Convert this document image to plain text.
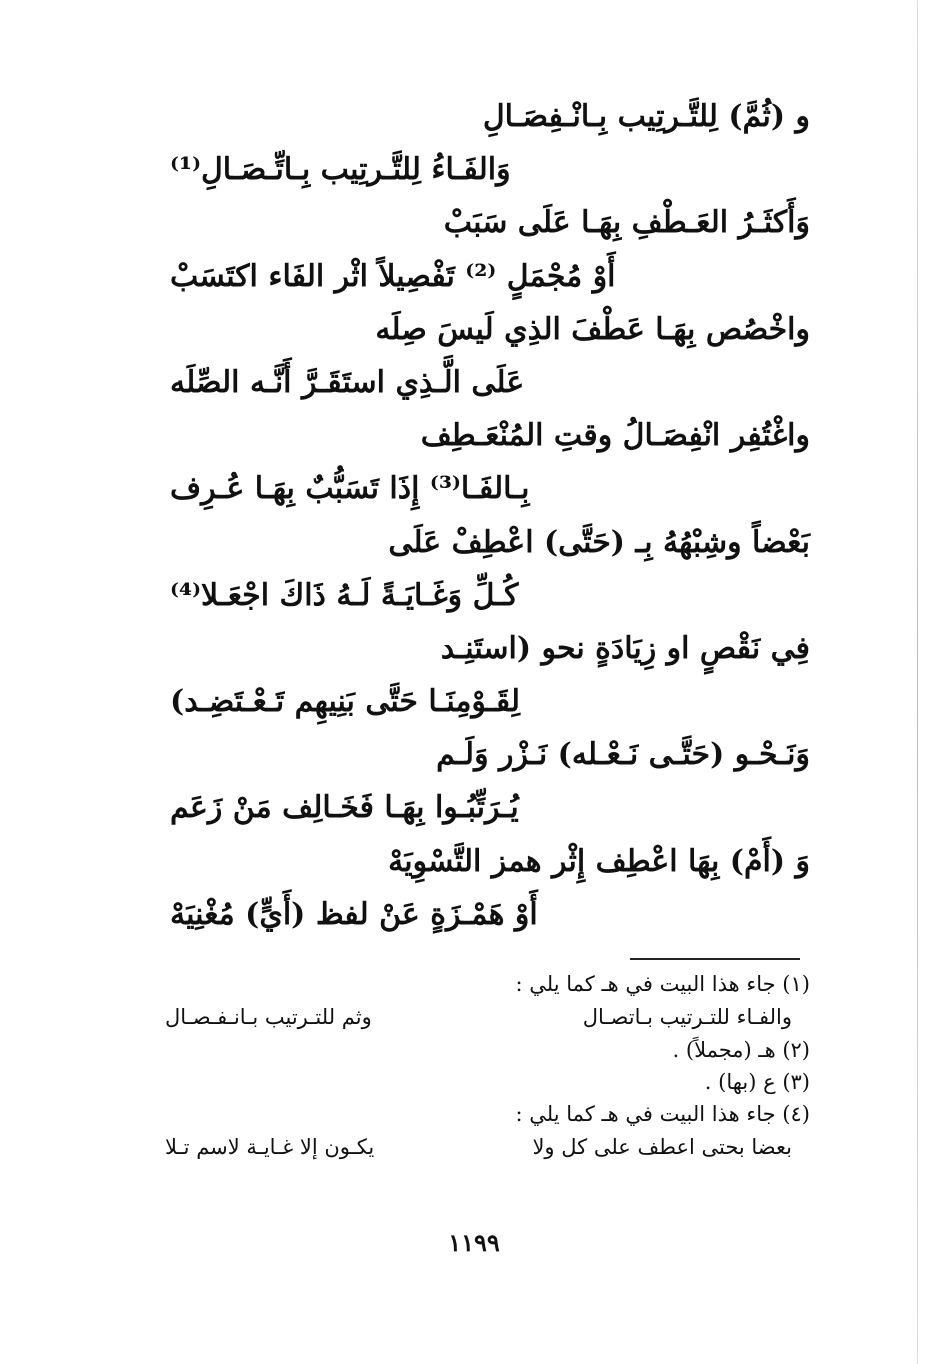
و (ثُمَّ) لِلتَّـرتِيب بِـانْـفِصَـالِ
وَالفَـاءُ لِلتَّـرتِيب بِـاتِّـصَـالِ⁽¹⁾
وَأَكثَـرُ العَـطْفِ بِهَـا عَلَى سَبَبْ
أَوْ مُجْمَلٍ ⁽²⁾ تَفْصِيلاً اثْر الفَاء اكتَسَبْ
واخْصُص بِهَـا عَطْفَ الذِي لَيسَ صِلَه
عَلَى الَّـذِي استَقَـرَّ أَنَّـه الصِّلَه
واغْتُفِر انْفِصَـالُ وقتِ المُنْعَـطِف
بِـالفَـا⁽³⁾ إِذَا تَسَبُّبٌ بِهَـا عُـرِف
بَعْضاً وشِبْهُهُ بِـ (حَتَّى) اعْطِفْ عَلَى
كُـلِّ وَغَـايَـةً لَـهُ ذَاكَ اجْعَـلا⁽⁴⁾
فِي نَقْصٍ او زِيَادَةٍ نحو (استَنِـد
لِقَـوْمِنَـا حَتَّى بَنِيهِم تَـعْـتَضِـد)
وَنَـحْـو (حَتَّـى نَـعْـله) نَـزْر وَلَـم
يُـرَتِّبُـوا بِهَـا فَخَـالِف مَنْ زَعَم
وَ (أَمْ) بِهَا اعْطِف إِثْر همز التَّسْوِيَهْ
أَوْ هَمْـزَةٍ عَنْ لفظ (أَيٍّ) مُغْنِيَهْ
(١) جاء هذا البيت في هـ كما يلي :
والفـاء للتـرتيب بـاتصـال
وثم للتـرتيب بـانـفـصـال
(٢) هـ (مجملاً) .
(٣) ع (بها) .
(٤) جاء هذا البيت في هـ كما يلي :
بعضا بحتى اعطف على كل ولا
يكـون إلا غـايـة لاسم تـلا
١١٩٩
